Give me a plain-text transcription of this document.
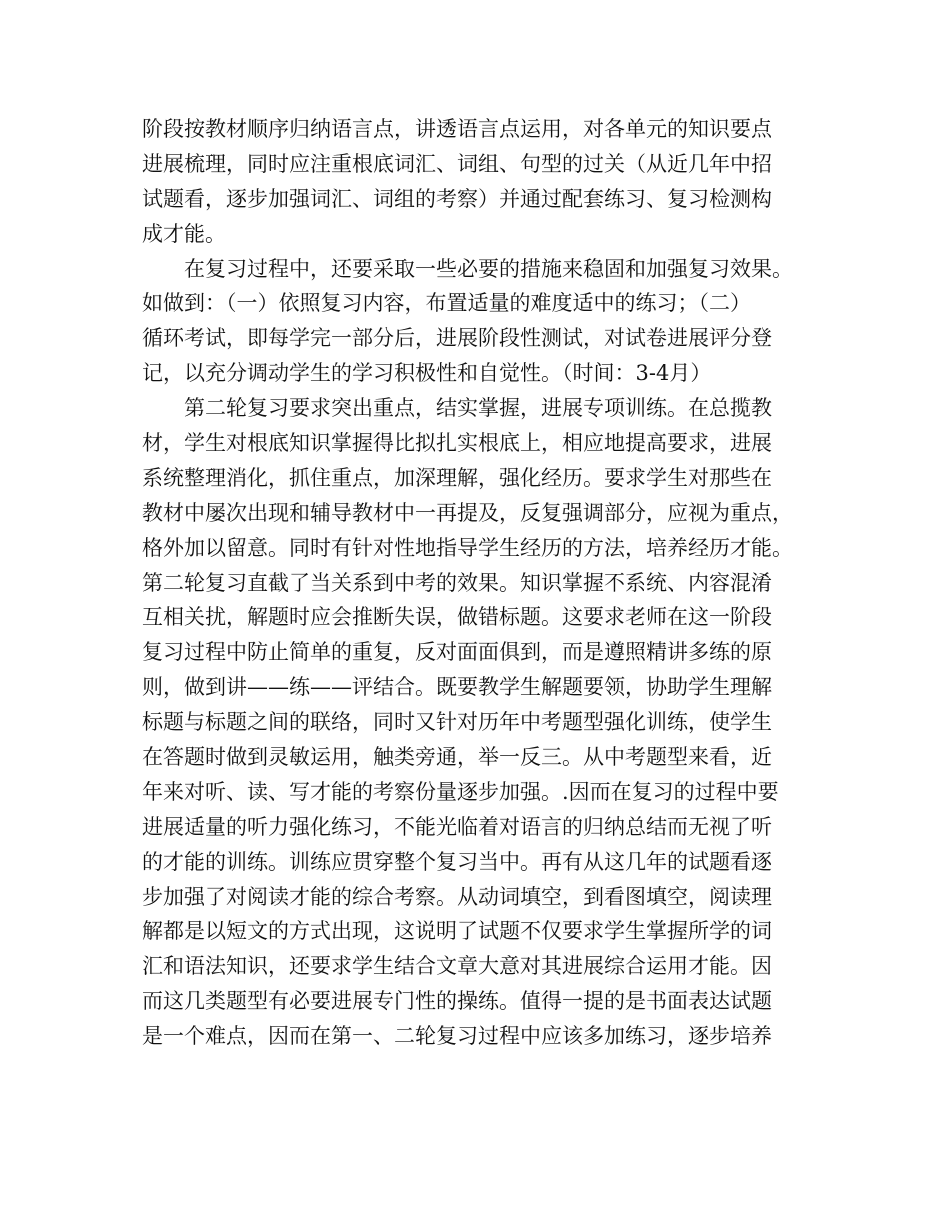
阶段按教材顺序归纳语言点，讲透语言点运用，对各单元的知识要点
进展梳理，同时应注重根底词汇、词组、句型的过关（从近几年中招
试题看，逐步加强词汇、词组的考察）并通过配套练习、复习检测构
成才能。
在复习过程中，还要采取一些必要的措施来稳固和加强复习效果。
如做到：（一）依照复习内容，布置适量的难度适中的练习；（二）
循环考试，即每学完一部分后，进展阶段性测试，对试卷进展评分登
记，以充分调动学生的学习积极性和自觉性。（时间：3-4月）
第二轮复习要求突出重点，结实掌握，进展专项训练。在总揽教
材，学生对根底知识掌握得比拟扎实根底上，相应地提高要求，进展
系统整理消化，抓住重点，加深理解，强化经历。要求学生对那些在
教材中屡次出现和辅导教材中一再提及，反复强调部分，应视为重点，
格外加以留意。同时有针对性地指导学生经历的方法，培养经历才能。
第二轮复习直截了当关系到中考的效果。知识掌握不系统、内容混淆
互相关扰，解题时应会推断失误，做错标题。这要求老师在这一阶段
复习过程中防止简单的重复，反对面面俱到，而是遵照精讲多练的原
则，做到讲——练——评结合。既要教学生解题要领，协助学生理解
标题与标题之间的联络，同时又针对历年中考题型强化训练，使学生
在答题时做到灵敏运用，触类旁通，举一反三。从中考题型来看，近
年来对听、读、写才能的考察份量逐步加强。.因而在复习的过程中要
进展适量的听力强化练习，不能光临着对语言的归纳总结而无视了听
的才能的训练。训练应贯穿整个复习当中。再有从这几年的试题看逐
步加强了对阅读才能的综合考察。从动词填空，到看图填空，阅读理
解都是以短文的方式出现，这说明了试题不仅要求学生掌握所学的词
汇和语法知识，还要求学生结合文章大意对其进展综合运用才能。因
而这几类题型有必要进展专门性的操练。值得一提的是书面表达试题
是一个难点，因而在第一、二轮复习过程中应该多加练习，逐步培养
